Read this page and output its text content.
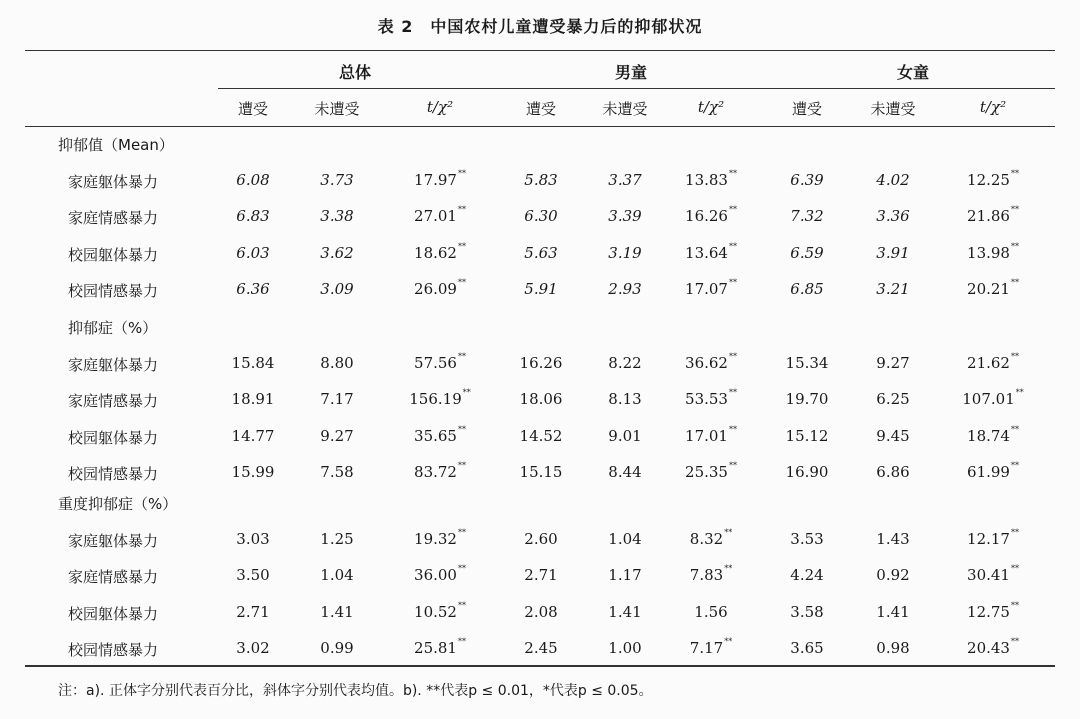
表 2　中国农村儿童遭受暴力后的抑郁状况
总体	男童	女童
遭受	未遭受	t/χ²	遭受	未遭受	t/χ²	遭受	未遭受	t/χ²
抑郁值（Mean）
家庭躯体暴力	6.08	3.73	17.97**	5.83	3.37	13.83**	6.39	4.02	12.25**
家庭情感暴力	6.83	3.38	27.01**	6.30	3.39	16.26**	7.32	3.36	21.86**
校园躯体暴力	6.03	3.62	18.62**	5.63	3.19	13.64**	6.59	3.91	13.98**
校园情感暴力	6.36	3.09	26.09**	5.91	2.93	17.07**	6.85	3.21	20.21**
抑郁症（%）
家庭躯体暴力	15.84	8.80	57.56**	16.26	8.22	36.62**	15.34	9.27	21.62**
家庭情感暴力	18.91	7.17	156.19**	18.06	8.13	53.53**	19.70	6.25	107.01**
校园躯体暴力	14.77	9.27	35.65**	14.52	9.01	17.01**	15.12	9.45	18.74**
校园情感暴力	15.99	7.58	83.72**	15.15	8.44	25.35**	16.90	6.86	61.99**
重度抑郁症（%）
家庭躯体暴力	3.03	1.25	19.32**	2.60	1.04	8.32**	3.53	1.43	12.17**
家庭情感暴力	3.50	1.04	36.00**	2.71	1.17	7.83**	4.24	0.92	30.41**
校园躯体暴力	2.71	1.41	10.52**	2.08	1.41	1.56	3.58	1.41	12.75**
校园情感暴力	3.02	0.99	25.81**	2.45	1.00	7.17**	3.65	0.98	20.43**
注：a). 正体字分别代表百分比，斜体字分别代表均值。b). **代表p ≤ 0.01，*代表p ≤ 0.05。
